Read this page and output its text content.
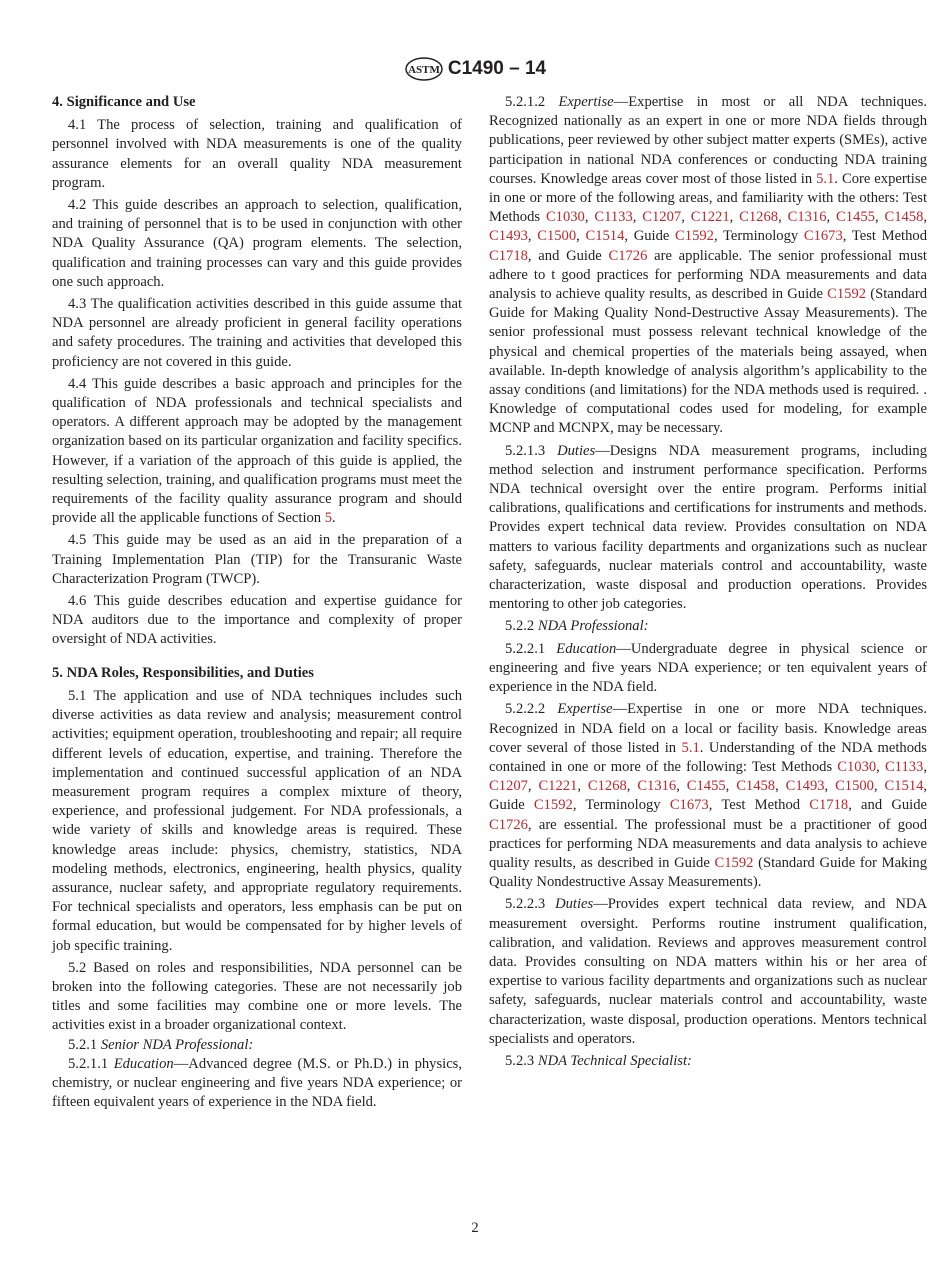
ASTM C1490 – 14
4. Significance and Use

4.1 The process of selection, training and qualification of personnel involved with NDA measurements is one of the quality assurance elements for an overall quality NDA measurement program.

4.2 This guide describes an approach to selection, qualification, and training of personnel that is to be used in conjunction with other NDA Quality Assurance (QA) program elements. The selection, qualification and training processes can vary and this guide provides one such approach.

4.3 The qualification activities described in this guide assume that NDA personnel are already proficient in general facility operations and safety procedures. The training and activities that developed this proficiency are not covered in this guide.

4.4 This guide describes a basic approach and principles for the qualification of NDA professionals and technical specialists and operators. A different approach may be adopted by the management organization based on its particular organization and facility specifics. However, if a variation of the approach of this guide is applied, the resulting selection, training, and qualification programs must meet the requirements of the facility quality assurance program and should provide all the applicable functions of Section 5.

4.5 This guide may be used as an aid in the preparation of a Training Implementation Plan (TIP) for the Transuranic Waste Characterization Program (TWCP).

4.6 This guide describes education and expertise guidance for NDA auditors due to the importance and complexity of proper oversight of NDA activities.

5. NDA Roles, Responsibilities, and Duties

5.1 The application and use of NDA techniques includes such diverse activities as data review and analysis; measurement control activities; equipment operation, troubleshooting and repair; all require different levels of education, expertise, and training. Therefore the implementation and continued successful application of an NDA measurement program requires a complex mixture of theory, experience, and professional judgement. For NDA professionals, a wide variety of skills and knowledge areas is required. These knowledge areas include: physics, chemistry, statistics, NDA modeling methods, electronics, engineering, health physics, quality assurance, nuclear safety, and appropriate regulatory requirements. For technical specialists and operators, less emphasis can be put on formal education, but would be compensated for by higher levels of job specific training.

5.2 Based on roles and responsibilities, NDA personnel can be broken into the following categories. These are not necessarily job titles and some facilities may combine one or more levels. The activities exist in a broader organizational context.

5.2.1 Senior NDA Professional:

5.2.1.1 Education—Advanced degree (M.S. or Ph.D.) in physics, chemistry, or nuclear engineering and five years NDA experience; or fifteen equivalent years of experience in the NDA field.

5.2.1.2 Expertise—Expertise in most or all NDA techniques. Recognized nationally as an expert in one or more NDA fields through publications, peer reviewed by other subject matter experts (SMEs), active participation in national NDA conferences or conducting NDA training courses. Knowledge areas cover most of those listed in 5.1. Core expertise in one or more of the following areas, and familiarity with the others: Test Methods C1030, C1133, C1207, C1221, C1268, C1316, C1455, C1458, C1493, C1500, C1514, Guide C1592, Terminology C1673, Test Method C1718, and Guide C1726 are applicable. The senior professional must adhere to t good practices for performing NDA measurements and data analysis to achieve quality results, as described in Guide C1592 (Standard Guide for Making Quality Nond-Destructive Assay Measurements). The senior professional must possess relevant technical knowledge of the physical and chemical properties of the materials being assayed, when available. In-depth knowledge of analysis algorithm’s applicability to the assay conditions (and limitations) for the NDA methods used is required. . Knowledge of computational codes used for modeling, for example MCNP and MCNPX, may be necessary.

5.2.1.3 Duties—Designs NDA measurement programs, including method selection and instrument performance specification. Performs NDA technical oversight over the entire program. Performs initial calibrations, qualifications and certifications for instruments and methods. Provides expert technical data review. Provides consultation on NDA matters to various facility departments and organizations such as nuclear safety, safeguards, nuclear materials control and accountability, waste characterization, waste disposal and production operations. Provides mentoring to other job categories.

5.2.2 NDA Professional:

5.2.2.1 Education—Undergraduate degree in physical science or engineering and five years NDA experience; or ten equivalent years of experience in the NDA field.

5.2.2.2 Expertise—Expertise in one or more NDA techniques. Recognized in NDA field on a local or facility basis. Knowledge areas cover several of those listed in 5.1. Understanding of the NDA methods contained in one or more of the following: Test Methods C1030, C1133, C1207, C1221, C1268, C1316, C1455, C1458, C1493, C1500, C1514, Guide C1592, Terminology C1673, Test Method C1718, and Guide C1726, are essential. The professional must be a practitioner of good practices for performing NDA measurements and data analysis to achieve quality results, as described in Guide C1592 (Standard Guide for Making Quality Nondestructive Assay Measurements).

5.2.2.3 Duties—Provides expert technical data review, and NDA measurement oversight. Performs routine instrument qualification, calibration, and validation. Reviews and approves measurement control data. Provides consulting on NDA matters within his or her area of expertise to various facility departments and organizations such as nuclear safety, safeguards, nuclear materials control and accountability, waste characterization, waste disposal, production operations. Mentors technical specialists and operators.

5.2.3 NDA Technical Specialist:

2
